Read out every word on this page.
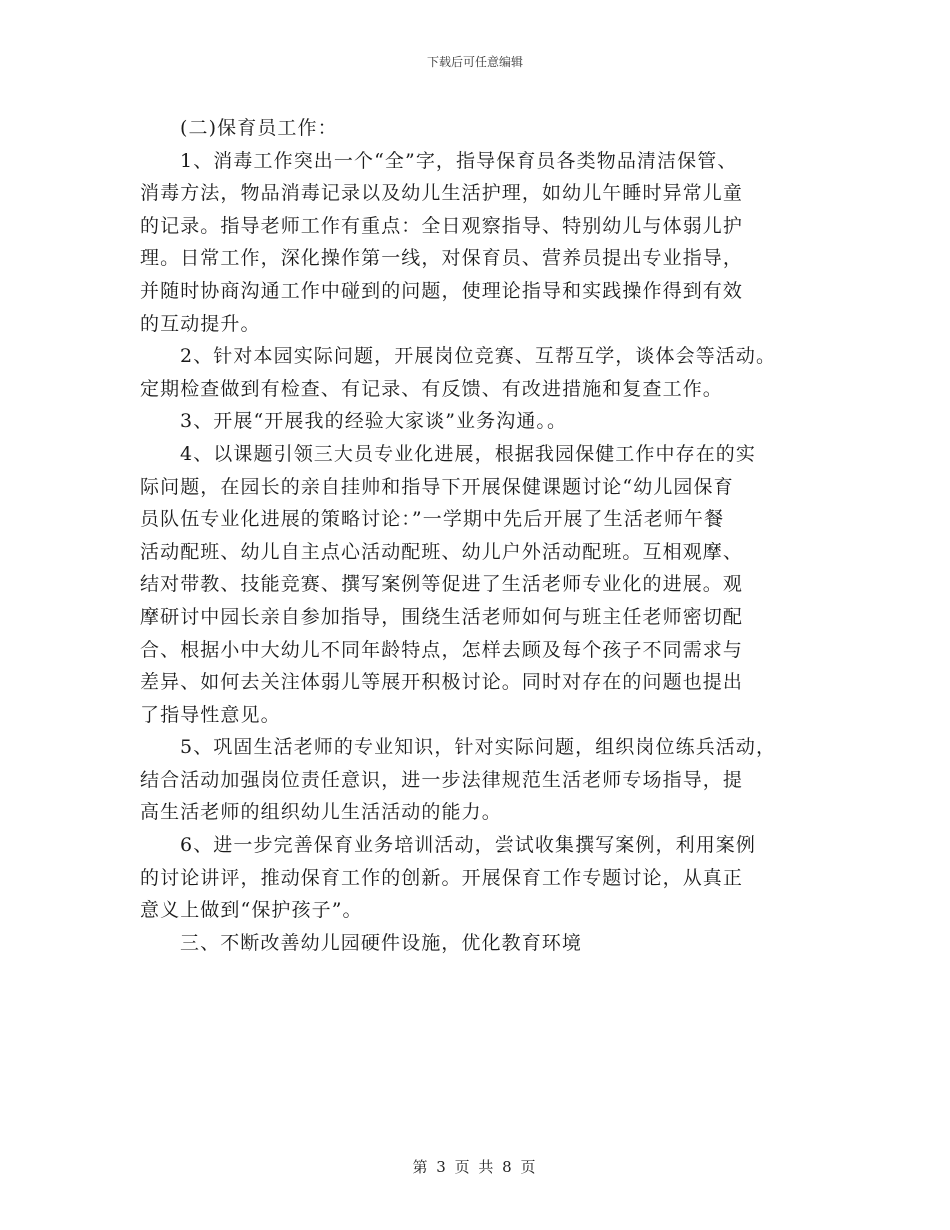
下载后可任意编辑
(二)保育员工作：
1、消毒工作突出一个“全”字，指导保育员各类物品清洁保管、
消毒方法，物品消毒记录以及幼儿生活护理，如幼儿午睡时异常儿童
的记录。指导老师工作有重点：全日观察指导、特别幼儿与体弱儿护
理。日常工作，深化操作第一线，对保育员、营养员提出专业指导，
并随时协商沟通工作中碰到的问题，使理论指导和实践操作得到有效
的互动提升。
2、针对本园实际问题，开展岗位竞赛、互帮互学，谈体会等活动。
定期检查做到有检查、有记录、有反馈、有改进措施和复查工作。
3、开展“开展我的经验大家谈”业务沟通。。
4、以课题引领三大员专业化进展，根据我园保健工作中存在的实
际问题，在园长的亲自挂帅和指导下开展保健课题讨论“幼儿园保育
员队伍专业化进展的策略讨论：”一学期中先后开展了生活老师午餐
活动配班、幼儿自主点心活动配班、幼儿户外活动配班。互相观摩、
结对带教、技能竞赛、撰写案例等促进了生活老师专业化的进展。观
摩研讨中园长亲自参加指导，围绕生活老师如何与班主任老师密切配
合、根据小中大幼儿不同年龄特点，怎样去顾及每个孩子不同需求与
差异、如何去关注体弱儿等展开积极讨论。同时对存在的问题也提出
了指导性意见。
5、巩固生活老师的专业知识，针对实际问题，组织岗位练兵活动，
结合活动加强岗位责任意识，进一步法律规范生活老师专场指导，提
高生活老师的组织幼儿生活活动的能力。
6、进一步完善保育业务培训活动，尝试收集撰写案例，利用案例
的讨论讲评，推动保育工作的创新。开展保育工作专题讨论，从真正
意义上做到“保护孩子”。
三、不断改善幼儿园硬件设施，优化教育环境
第 3 页 共 8 页
